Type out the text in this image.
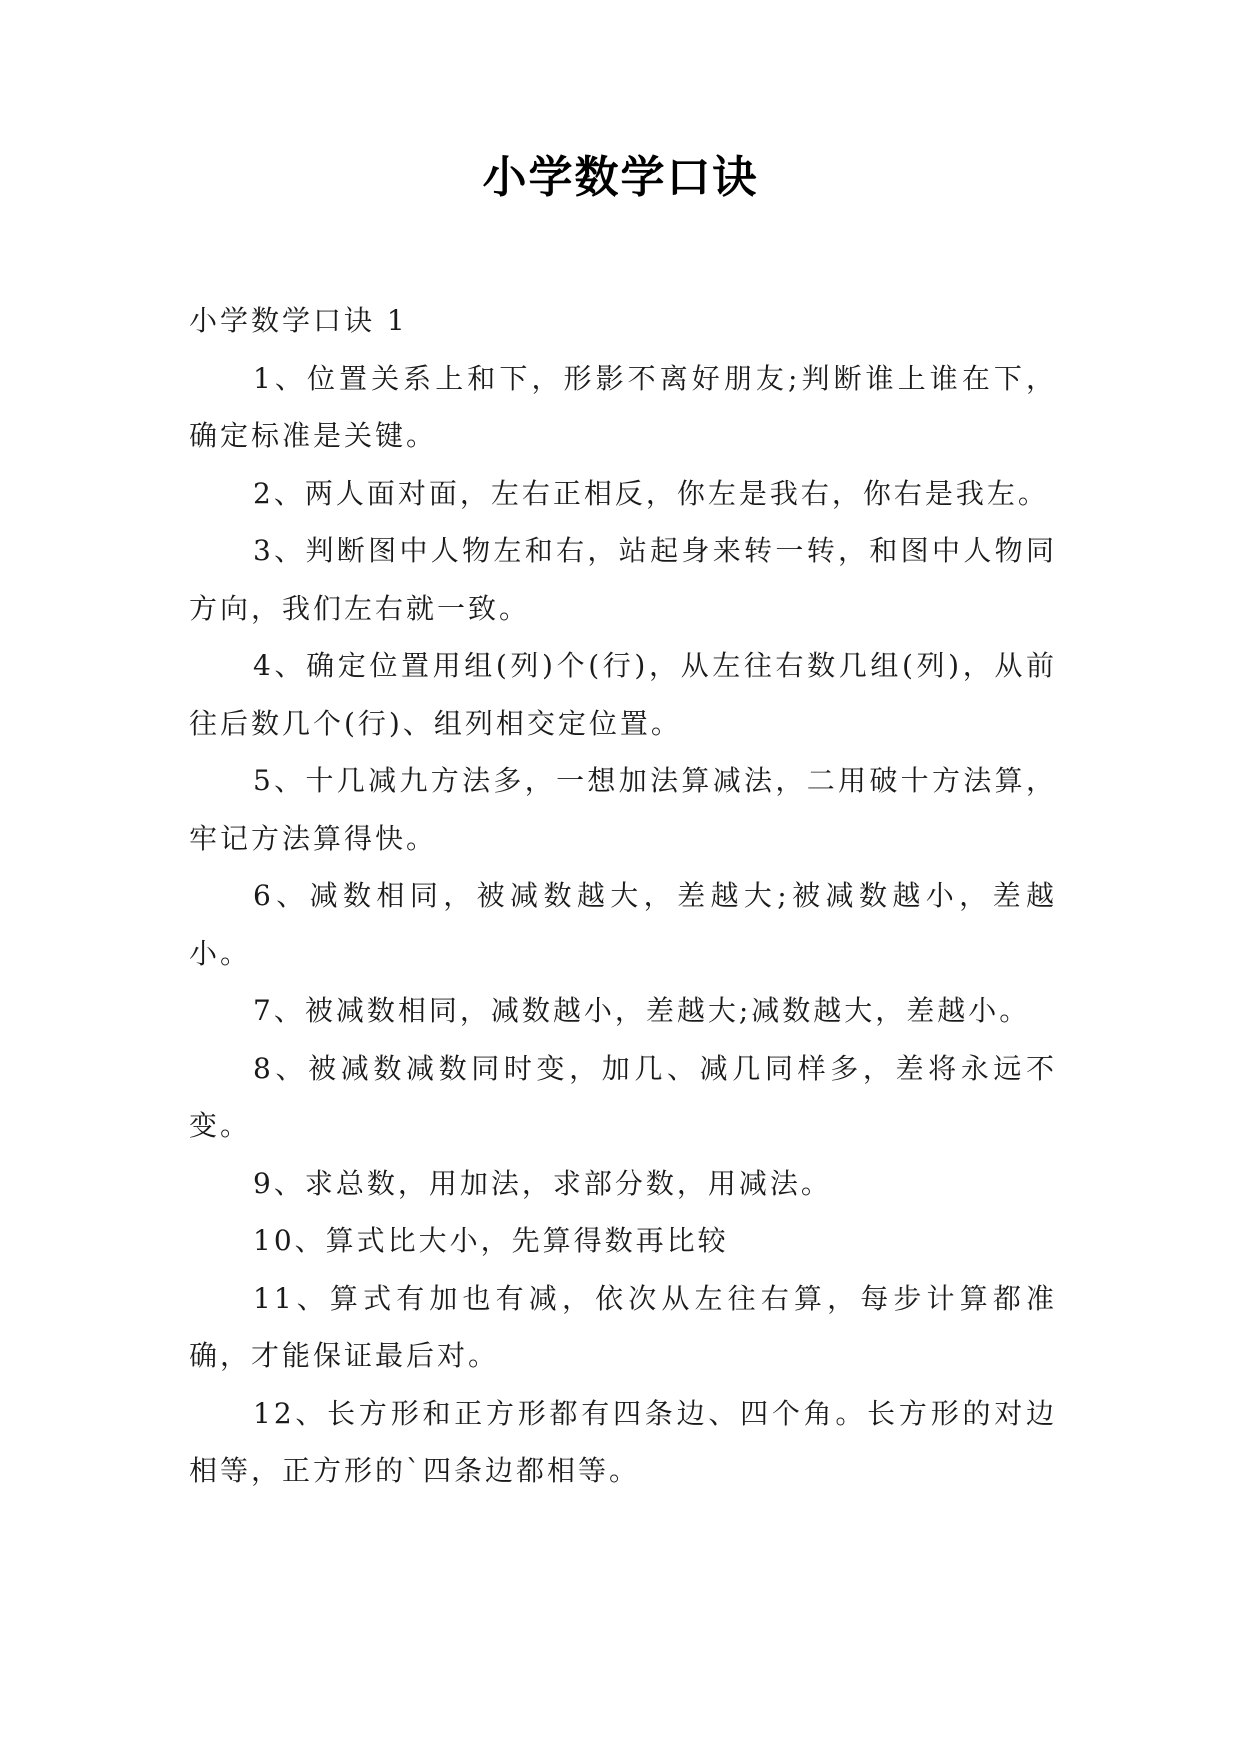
小学数学口诀

小学数学口诀 1

1、位置关系上和下，形影不离好朋友;判断谁上谁在下，确定标准是关键。

2、两人面对面，左右正相反，你左是我右，你右是我左。

3、判断图中人物左和右，站起身来转一转，和图中人物同方向，我们左右就一致。

4、确定位置用组(列)个(行)，从左往右数几组(列)，从前往后数几个(行)、组列相交定位置。

5、十几减九方法多，一想加法算减法，二用破十方法算，牢记方法算得快。

6、减数相同，被减数越大，差越大;被减数越小，差越小。

7、被减数相同，减数越小，差越大;减数越大，差越小。

8、被减数减数同时变，加几、减几同样多，差将永远不变。

9、求总数，用加法，求部分数，用减法。

10、算式比大小，先算得数再比较

11、算式有加也有减，依次从左往右算，每步计算都准确，才能保证最后对。

12、长方形和正方形都有四条边、四个角。长方形的对边相等，正方形的`四条边都相等。
